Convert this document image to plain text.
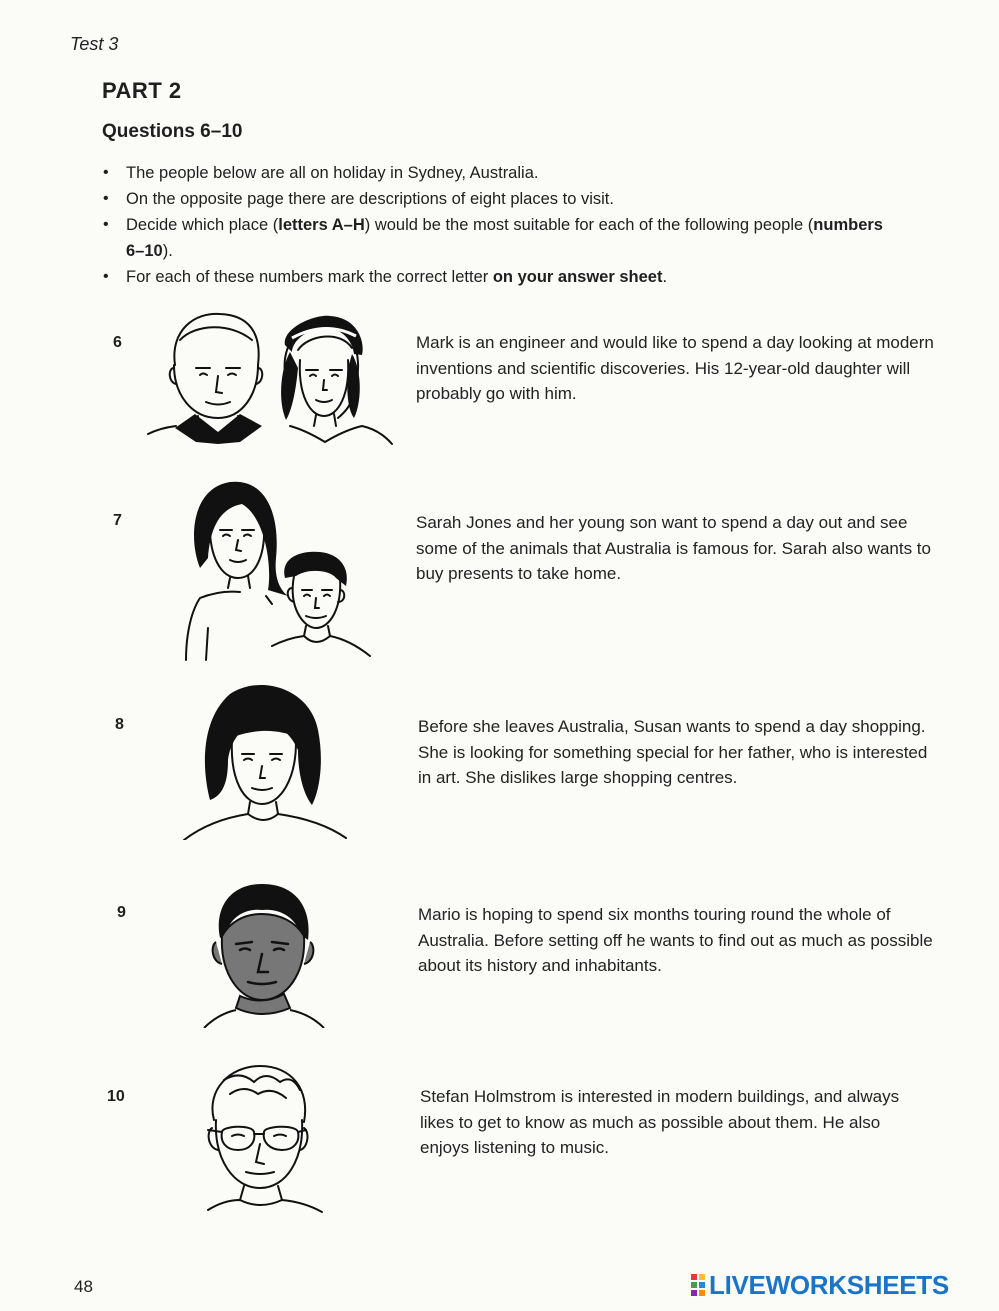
Test 3
PART 2
Questions 6–10
• The people below are all on holiday in Sydney, Australia.
• On the opposite page there are descriptions of eight places to visit.
• Decide which place (letters A–H) would be the most suitable for each of the following people (numbers 6–10).
• For each of these numbers mark the correct letter on your answer sheet.
6	Mark is an engineer and would like to spend a day looking at modern inventions and scientific discoveries. His 12-year-old daughter will probably go with him.
7	Sarah Jones and her young son want to spend a day out and see some of the animals that Australia is famous for. Sarah also wants to buy presents to take home.
8	Before she leaves Australia, Susan wants to spend a day shopping. She is looking for something special for her father, who is interested in art. She dislikes large shopping centres.
9	Mario is hoping to spend six months touring round the whole of Australia. Before setting off he wants to find out as much as possible about its history and inhabitants.
10	Stefan Holmstrom is interested in modern buildings, and always likes to get to know as much as possible about them. He also enjoys listening to music.
48	LIVEWORKSHEETS
